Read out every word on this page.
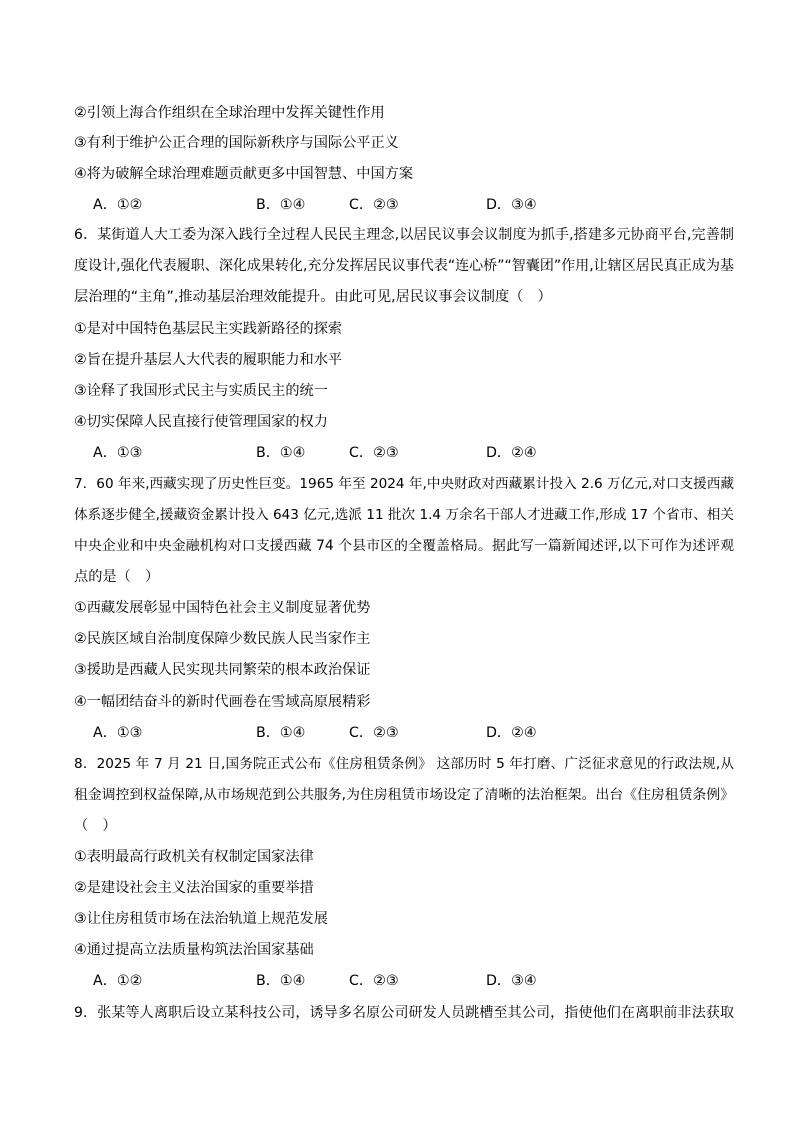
②引领上海合作组织在全球治理中发挥关键性作用
③有利于维护公正合理的国际新秩序与国际公平正义
④将为破解全球治理难题贡献更多中国智慧、中国方案
A．①②	B．①④	C．②③	D．③④
6．某街道人大工委为深入践行全过程人民民主理念,以居民议事会议制度为抓手,搭建多元协商平台,完善制
度设计,强化代表履职、深化成果转化,充分发挥居民议事代表“连心桥”“智囊团”作用,让辖区居民真正成为基
层治理的“主角”,推动基层治理效能提升。由此可见,居民议事会议制度（　）
①是对中国特色基层民主实践新路径的探索
②旨在提升基层人大代表的履职能力和水平
③诠释了我国形式民主与实质民主的统一
④切实保障人民直接行使管理国家的权力
A．①③	B．①④	C．②③	D．②④
7．60 年来,西藏实现了历史性巨变。1965 年至 2024 年,中央财政对西藏累计投入 2.6 万亿元,对口支援西藏
体系逐步健全,援藏资金累计投入 643 亿元,选派 11 批次 1.4 万余名干部人才进藏工作,形成 17 个省市、相关
中央企业和中央金融机构对口支援西藏 74 个县市区的全覆盖格局。据此写一篇新闻述评,以下可作为述评观
点的是（　）
①西藏发展彰显中国特色社会主义制度显著优势
②民族区域自治制度保障少数民族人民当家作主
③援助是西藏人民实现共同繁荣的根本政治保证
④一幅团结奋斗的新时代画卷在雪域高原展精彩
A．①③	B．①④	C．②③	D．②④
8．2025 年 7 月 21 日,国务院正式公布《住房租赁条例》 这部历时 5 年打磨、广泛征求意见的行政法规,从
租金调控到权益保障,从市场规范到公共服务,为住房租赁市场设定了清晰的法治框架。出台《住房租赁条例》
（　）
①表明最高行政机关有权制定国家法律
②是建设社会主义法治国家的重要举措
③让住房租赁市场在法治轨道上规范发展
④通过提高立法质量构筑法治国家基础
A．①②	B．①④	C．②③	D．③④
9．张某等人离职后设立某科技公司，诱导多名原公司研发人员跳槽至其公司，指使他们在离职前非法获取
